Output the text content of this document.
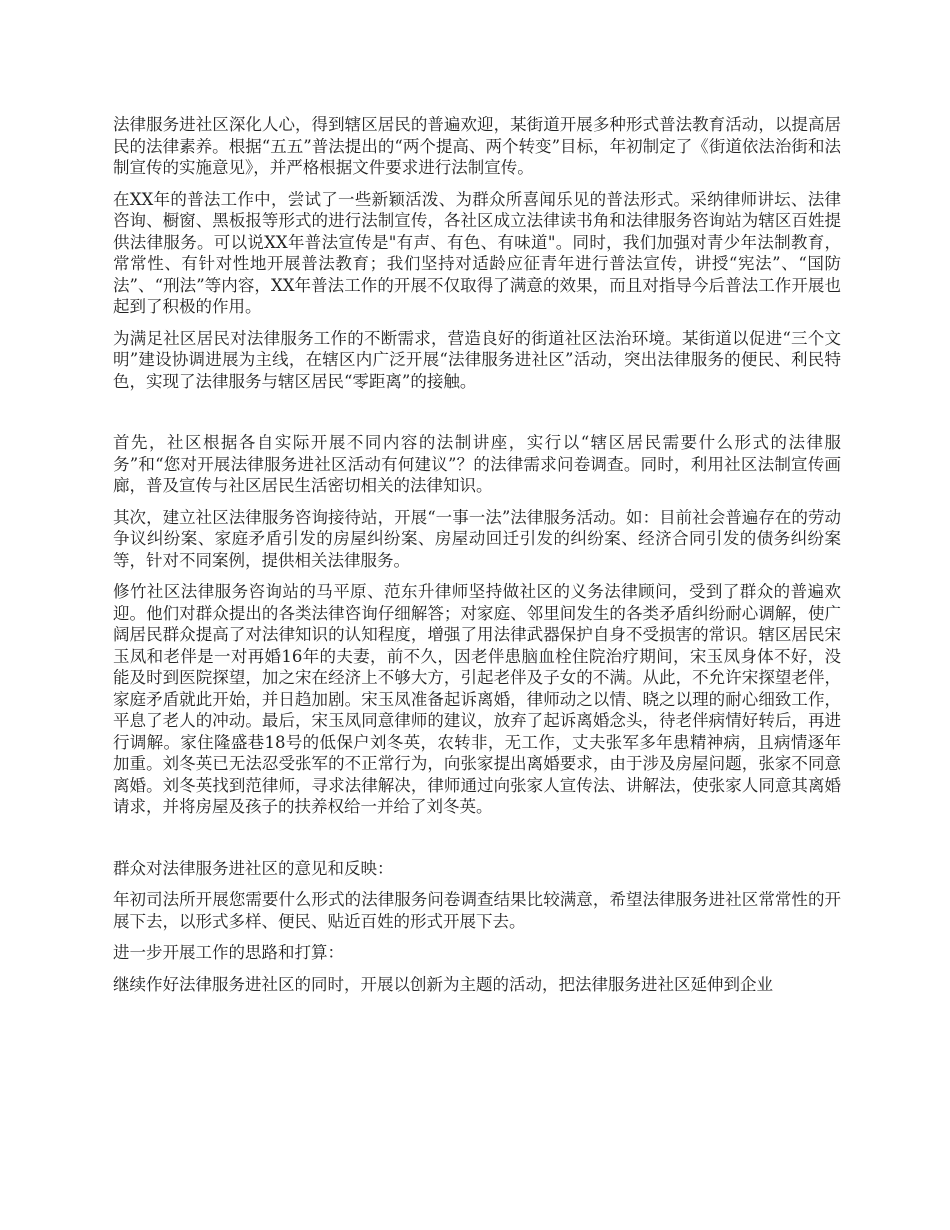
法律服务进社区深化人心，得到辖区居民的普遍欢迎，某街道开展多种形式普法教育活动，以提高居民的法律素养。根据“五五”普法提出的“两个提高、两个转变”目标，年初制定了《街道依法治街和法制宣传的实施意见》，并严格根据文件要求进行法制宣传。

在XX年的普法工作中，尝试了一些新颖活泼、为群众所喜闻乐见的普法形式。采纳律师讲坛、法律咨询、橱窗、黑板报等形式的进行法制宣传，各社区成立法律读书角和法律服务咨询站为辖区百姓提供法律服务。可以说XX年普法宣传是"有声、有色、有味道"。同时，我们加强对青少年法制教育，常常性、有针对性地开展普法教育；我们坚持对适龄应征青年进行普法宣传，讲授“宪法”、“国防法”、“刑法”等内容，XX年普法工作的开展不仅取得了满意的效果，而且对指导今后普法工作开展也起到了积极的作用。

为满足社区居民对法律服务工作的不断需求，营造良好的街道社区法治环境。某街道以促进“三个文明”建设协调进展为主线，在辖区内广泛开展“法律服务进社区”活动，突出法律服务的便民、利民特色，实现了法律服务与辖区居民“零距离”的接触。

首先，社区根据各自实际开展不同内容的法制讲座，实行以“辖区居民需要什么形式的法律服务”和“您对开展法律服务进社区活动有何建议”？的法律需求问卷调查。同时，利用社区法制宣传画廊，普及宣传与社区居民生活密切相关的法律知识。

其次，建立社区法律服务咨询接待站，开展“一事一法”法律服务活动。如：目前社会普遍存在的劳动争议纠纷案、家庭矛盾引发的房屋纠纷案、房屋动回迁引发的纠纷案、经济合同引发的债务纠纷案等，针对不同案例，提供相关法律服务。

修竹社区法律服务咨询站的马平原、范东升律师坚持做社区的义务法律顾问，受到了群众的普遍欢迎。他们对群众提出的各类法律咨询仔细解答；对家庭、邻里间发生的各类矛盾纠纷耐心调解，使广阔居民群众提高了对法律知识的认知程度，增强了用法律武器保护自身不受损害的常识。辖区居民宋玉凤和老伴是一对再婚16年的夫妻，前不久，因老伴患脑血栓住院治疗期间，宋玉凤身体不好，没能及时到医院探望，加之宋在经济上不够大方，引起老伴及子女的不满。从此，不允许宋探望老伴，家庭矛盾就此开始，并日趋加剧。宋玉凤准备起诉离婚，律师动之以情、晓之以理的耐心细致工作，平息了老人的冲动。最后，宋玉凤同意律师的建议，放弃了起诉离婚念头，待老伴病情好转后，再进行调解。家住隆盛巷18号的低保户刘冬英，农转非，无工作，丈夫张军多年患精神病，且病情逐年加重。刘冬英已无法忍受张军的不正常行为，向张家提出离婚要求，由于涉及房屋问题，张家不同意离婚。刘冬英找到范律师，寻求法律解决，律师通过向张家人宣传法、讲解法，使张家人同意其离婚请求，并将房屋及孩子的扶养权给一并给了刘冬英。

群众对法律服务进社区的意见和反映：

年初司法所开展您需要什么形式的法律服务问卷调查结果比较满意，希望法律服务进社区常常性的开展下去，以形式多样、便民、贴近百姓的形式开展下去。

进一步开展工作的思路和打算：

继续作好法律服务进社区的同时，开展以创新为主题的活动，把法律服务进社区延伸到企业
